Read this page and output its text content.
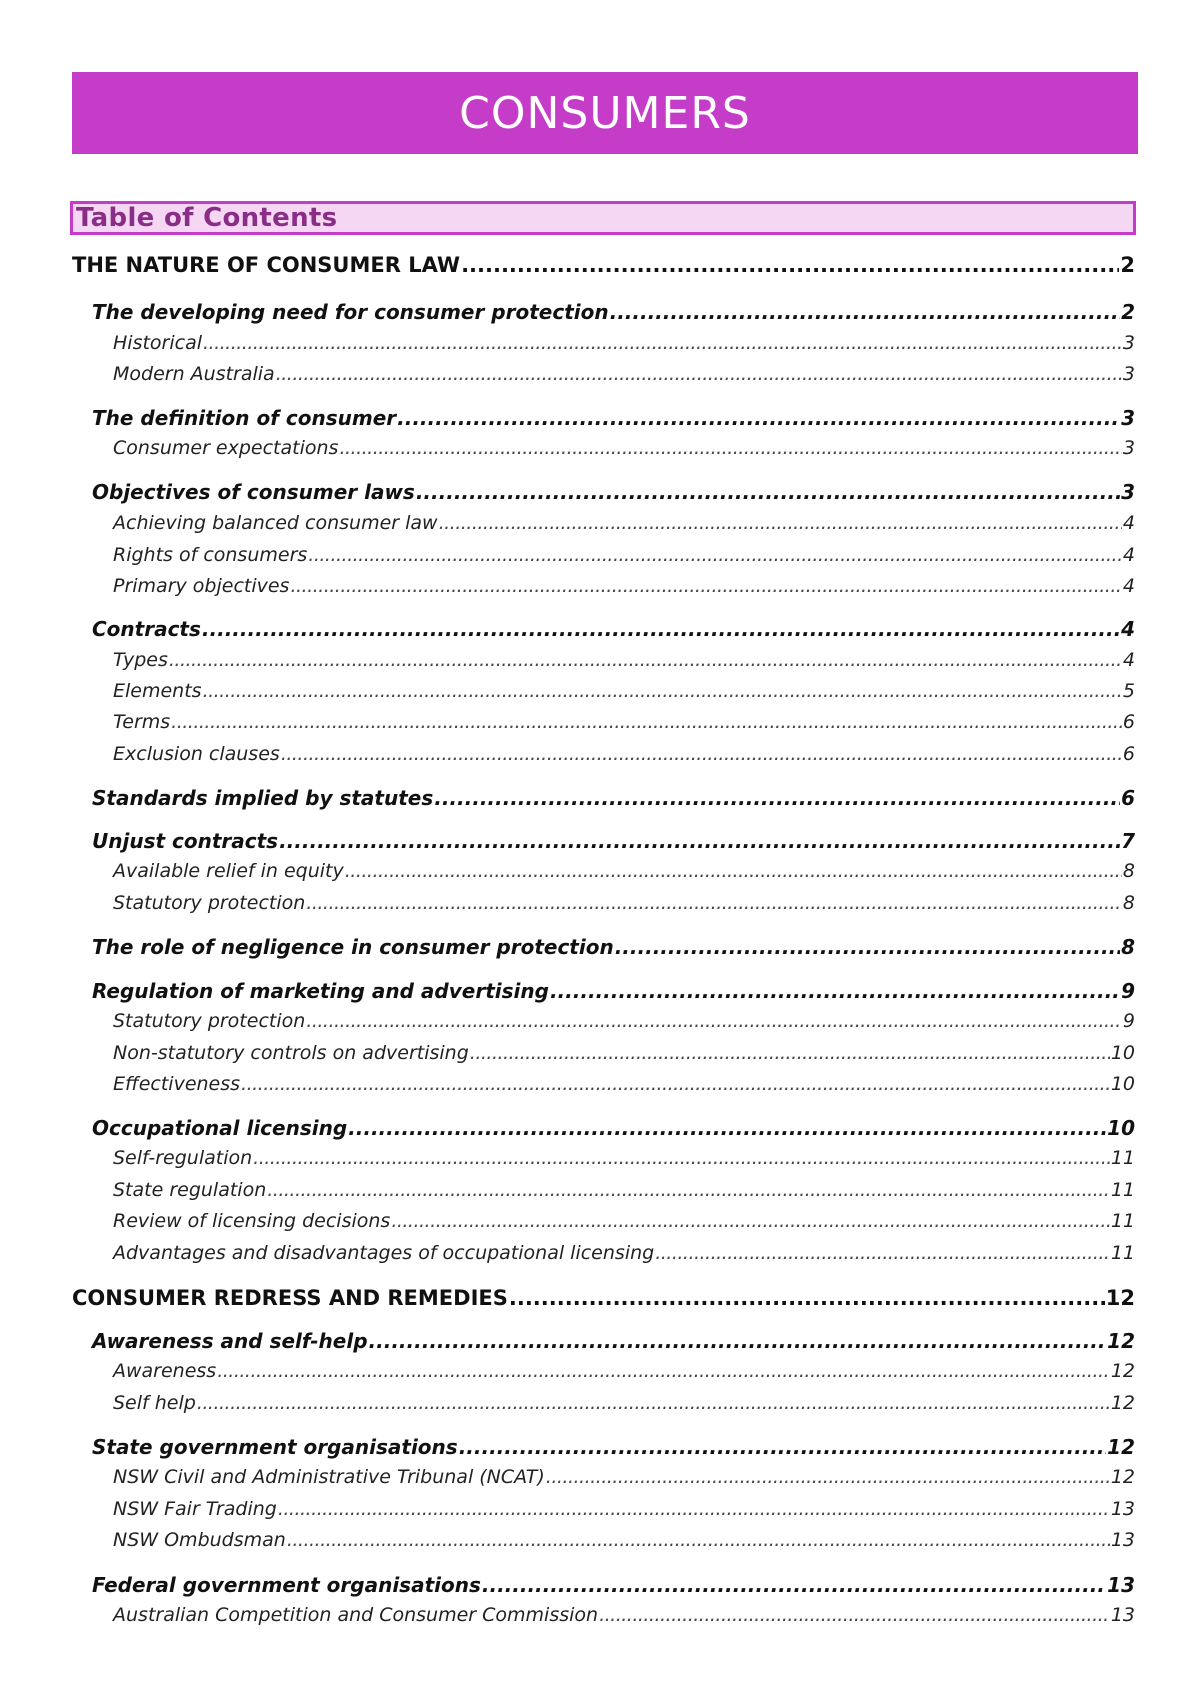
CONSUMERS
Table of Contents
THE NATURE OF CONSUMER LAW .....	2
The developing need for consumer protection .....	2
Historical .....	3
Modern Australia .....	3
The definition of consumer .....	3
Consumer expectations .....	3
Objectives of consumer laws .....	3
Achieving balanced consumer law .....	4
Rights of consumers .....	4
Primary objectives .....	4
Contracts .....	4
Types .....	4
Elements .....	5
Terms .....	6
Exclusion clauses .....	6
Standards implied by statutes .....	6
Unjust contracts .....	7
Available relief in equity .....	8
Statutory protection .....	8
The role of negligence in consumer protection .....	8
Regulation of marketing and advertising .....	9
Statutory protection .....	9
Non-statutory controls on advertising .....	10
Effectiveness .....	10
Occupational licensing .....	10
Self-regulation .....	11
State regulation .....	11
Review of licensing decisions .....	11
Advantages and disadvantages of occupational licensing .....	11
CONSUMER REDRESS AND REMEDIES .....	12
Awareness and self-help .....	12
Awareness .....	12
Self help .....	12
State government organisations .....	12
NSW Civil and Administrative Tribunal (NCAT) .....	12
NSW Fair Trading .....	13
NSW Ombudsman .....	13
Federal government organisations .....	13
Australian Competition and Consumer Commission .....	13
